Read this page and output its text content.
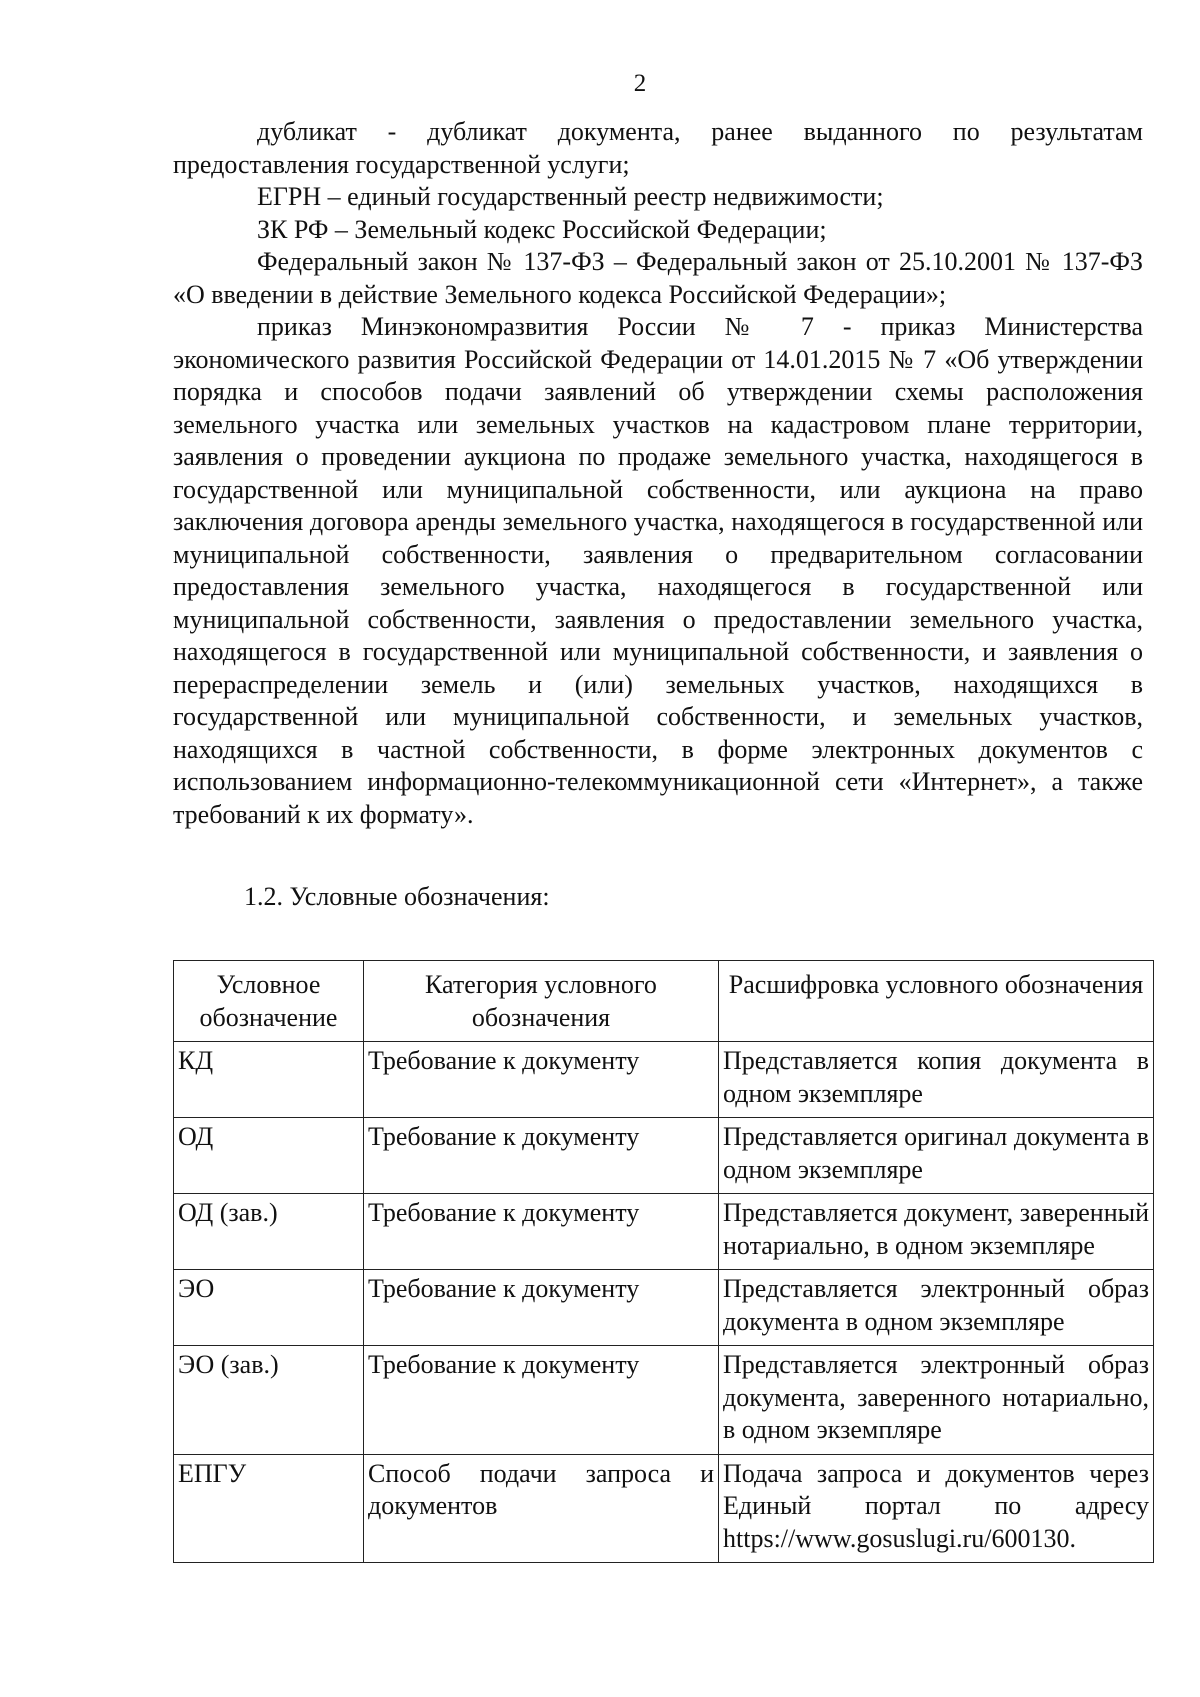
2

дубликат - дубликат документа, ранее выданного по результатам предоставления государственной услуги;

ЕГРН – единый государственный реестр недвижимости;

ЗК РФ – Земельный кодекс Российской Федерации;

Федеральный закон № 137-ФЗ – Федеральный закон от 25.10.2001 № 137-ФЗ «О введении в действие Земельного кодекса Российской Федерации»;

приказ Минэкономразвития России № 7 - приказ Министерства экономического развития Российской Федерации от 14.01.2015 № 7 «Об утверждении порядка и способов подачи заявлений об утверждении схемы расположения земельного участка или земельных участков на кадастровом плане территории, заявления о проведении аукциона по продаже земельного участка, находящегося в государственной или муниципальной собственности, или аукциона на право заключения договора аренды земельного участка, находящегося в государственной или муниципальной собственности, заявления о предварительном согласовании предоставления земельного участка, находящегося в государственной или муниципальной собственности, заявления о предоставлении земельного участка, находящегося в государственной или муниципальной собственности, и заявления о перераспределении земель и (или) земельных участков, находящихся в государственной или муниципальной собственности, и земельных участков, находящихся в частной собственности, в форме электронных документов с использованием информационно-телекоммуникационной сети «Интернет», а также требований к их формату».

1.2. Условные обозначения:

Условное обозначение	Категория условного обозначения	Расшифровка условного обозначения
КД	Требование к документу	Представляется копия документа в одном экземпляре
ОД	Требование к документу	Представляется оригинал документа в одном экземпляре
ОД (зав.)	Требование к документу	Представляется документ, заверенный нотариально, в одном экземпляре
ЭО	Требование к документу	Представляется электронный образ документа в одном экземпляре
ЭО (зав.)	Требование к документу	Представляется электронный образ документа, заверенного нотариально, в одном экземпляре
ЕПГУ	Способ подачи запроса и документов	Подача запроса и документов через Единый портал по адресу https://www.gosuslugi.ru/600130.
